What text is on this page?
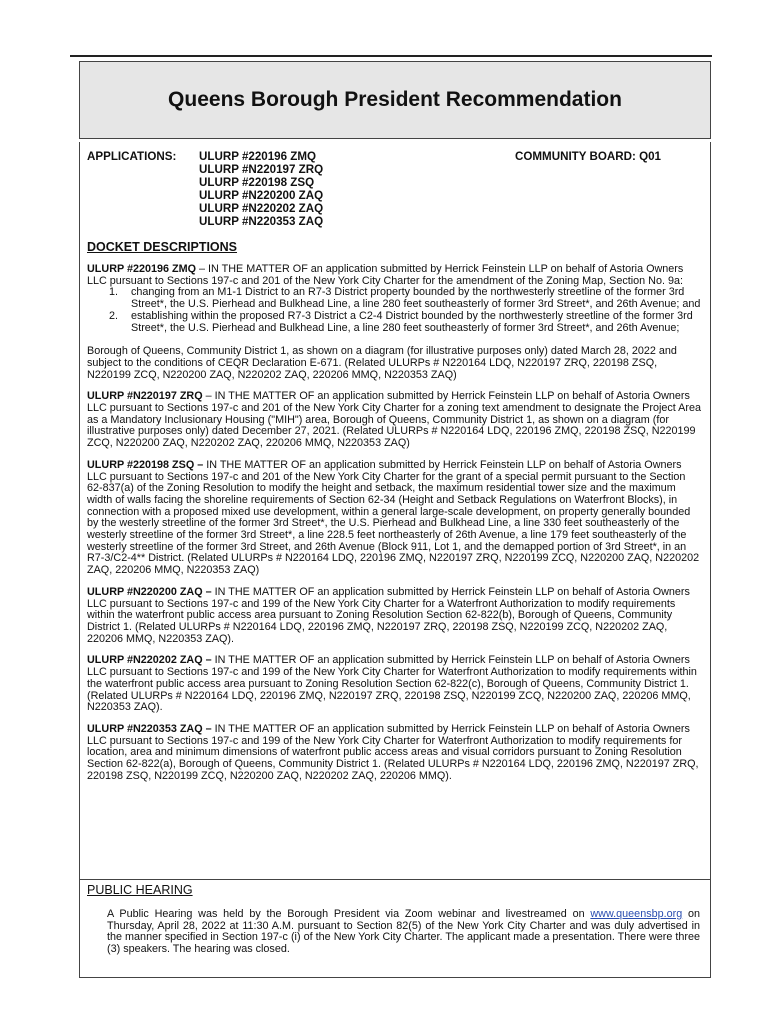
Queens Borough President Recommendation
APPLICATIONS: ULURP #220196 ZMQ
ULURP #N220197 ZRQ
ULURP #220198 ZSQ
ULURP #N220200 ZAQ
ULURP #N220202 ZAQ
ULURP #N220353 ZAQ
COMMUNITY BOARD: Q01
DOCKET DESCRIPTIONS

ULURP #220196 ZMQ – IN THE MATTER OF an application submitted by Herrick Feinstein LLP on behalf of Astoria Owners LLC pursuant to Sections 197-c and 201 of the New York City Charter for the amendment of the Zoning Map, Section No. 9a:

1. changing from an M1-1 District to an R7-3 District property bounded by the northwesterly streetline of the former 3rd Street*, the U.S. Pierhead and Bulkhead Line, a line 280 feet southeasterly of former 3rd Street*, and 26th Avenue; and
2. establishing within the proposed R7-3 District a C2-4 District bounded by the northwesterly streetline of the former 3rd Street*, the U.S. Pierhead and Bulkhead Line, a line 280 feet southeasterly of former 3rd Street*, and 26th Avenue;

Borough of Queens, Community District 1, as shown on a diagram (for illustrative purposes only) dated March 28, 2022 and subject to the conditions of CEQR Declaration E-671. (Related ULURPs # N220164 LDQ, N220197 ZRQ, 220198 ZSQ, N220199 ZCQ, N220200 ZAQ, N220202 ZAQ, 220206 MMQ, N220353 ZAQ)

ULURP #N220197 ZRQ – IN THE MATTER OF an application submitted by Herrick Feinstein LLP on behalf of Astoria Owners LLC pursuant to Sections 197-c and 201 of the New York City Charter for a zoning text amendment to designate the Project Area as a Mandatory Inclusionary Housing ("MIH") area, Borough of Queens, Community District 1, as shown on a diagram (for illustrative purposes only) dated December 27, 2021. (Related ULURPs # N220164 LDQ, 220196 ZMQ, 220198 ZSQ, N220199 ZCQ, N220200 ZAQ, N220202 ZAQ, 220206 MMQ, N220353 ZAQ)

ULURP #220198 ZSQ – IN THE MATTER OF an application submitted by Herrick Feinstein LLP on behalf of Astoria Owners LLC pursuant to Sections 197-c and 201 of the New York City Charter for the grant of a special permit pursuant to the Section 62-837(a) of the Zoning Resolution to modify the height and setback, the maximum residential tower size and the maximum width of walls facing the shoreline requirements of Section 62-34 (Height and Setback Regulations on Waterfront Blocks), in connection with a proposed mixed use development, within a general large-scale development, on property generally bounded by the westerly streetline of the former 3rd Street*, the U.S. Pierhead and Bulkhead Line, a line 330 feet southeasterly of the westerly streetline of the former 3rd Street*, a line 228.5 feet northeasterly of 26th Avenue, a line 179 feet southeasterly of the westerly streetline of the former 3rd Street, and 26th Avenue (Block 911, Lot 1, and the demapped portion of 3rd Street*, in an R7-3/C2-4** District. (Related ULURPs # N220164 LDQ, 220196 ZMQ, N220197 ZRQ, N220199 ZCQ, N220200 ZAQ, N220202 ZAQ, 220206 MMQ, N220353 ZAQ)

ULURP #N220200 ZAQ – IN THE MATTER OF an application submitted by Herrick Feinstein LLP on behalf of Astoria Owners LLC pursuant to Sections 197-c and 199 of the New York City Charter for a Waterfront Authorization to modify requirements within the waterfront public access area pursuant to Zoning Resolution Section 62-822(b), Borough of Queens, Community District 1. (Related ULURPs # N220164 LDQ, 220196 ZMQ, N220197 ZRQ, 220198 ZSQ, N220199 ZCQ, N220202 ZAQ, 220206 MMQ, N220353 ZAQ).

ULURP #N220202 ZAQ – IN THE MATTER OF an application submitted by Herrick Feinstein LLP on behalf of Astoria Owners LLC pursuant to Sections 197-c and 199 of the New York City Charter for Waterfront Authorization to modify requirements within the waterfront public access area pursuant to Zoning Resolution Section 62-822(c), Borough of Queens, Community District 1. (Related ULURPs # N220164 LDQ, 220196 ZMQ, N220197 ZRQ, 220198 ZSQ, N220199 ZCQ, N220200 ZAQ, 220206 MMQ, N220353 ZAQ).

ULURP #N220353 ZAQ – IN THE MATTER OF an application submitted by Herrick Feinstein LLP on behalf of Astoria Owners LLC pursuant to Sections 197-c and 199 of the New York City Charter for Waterfront Authorization to modify requirements for location, area and minimum dimensions of waterfront public access areas and visual corridors pursuant to Zoning Resolution Section 62-822(a), Borough of Queens, Community District 1. (Related ULURPs # N220164 LDQ, 220196 ZMQ, N220197 ZRQ, 220198 ZSQ, N220199 ZCQ, N220200 ZAQ, N220202 ZAQ, 220206 MMQ).

PUBLIC HEARING
A Public Hearing was held by the Borough President via Zoom webinar and livestreamed on www.queensbp.org on Thursday, April 28, 2022 at 11:30 A.M. pursuant to Section 82(5) of the New York City Charter and was duly advertised in the manner specified in Section 197-c (i) of the New York City Charter. The applicant made a presentation. There were three (3) speakers. The hearing was closed.
